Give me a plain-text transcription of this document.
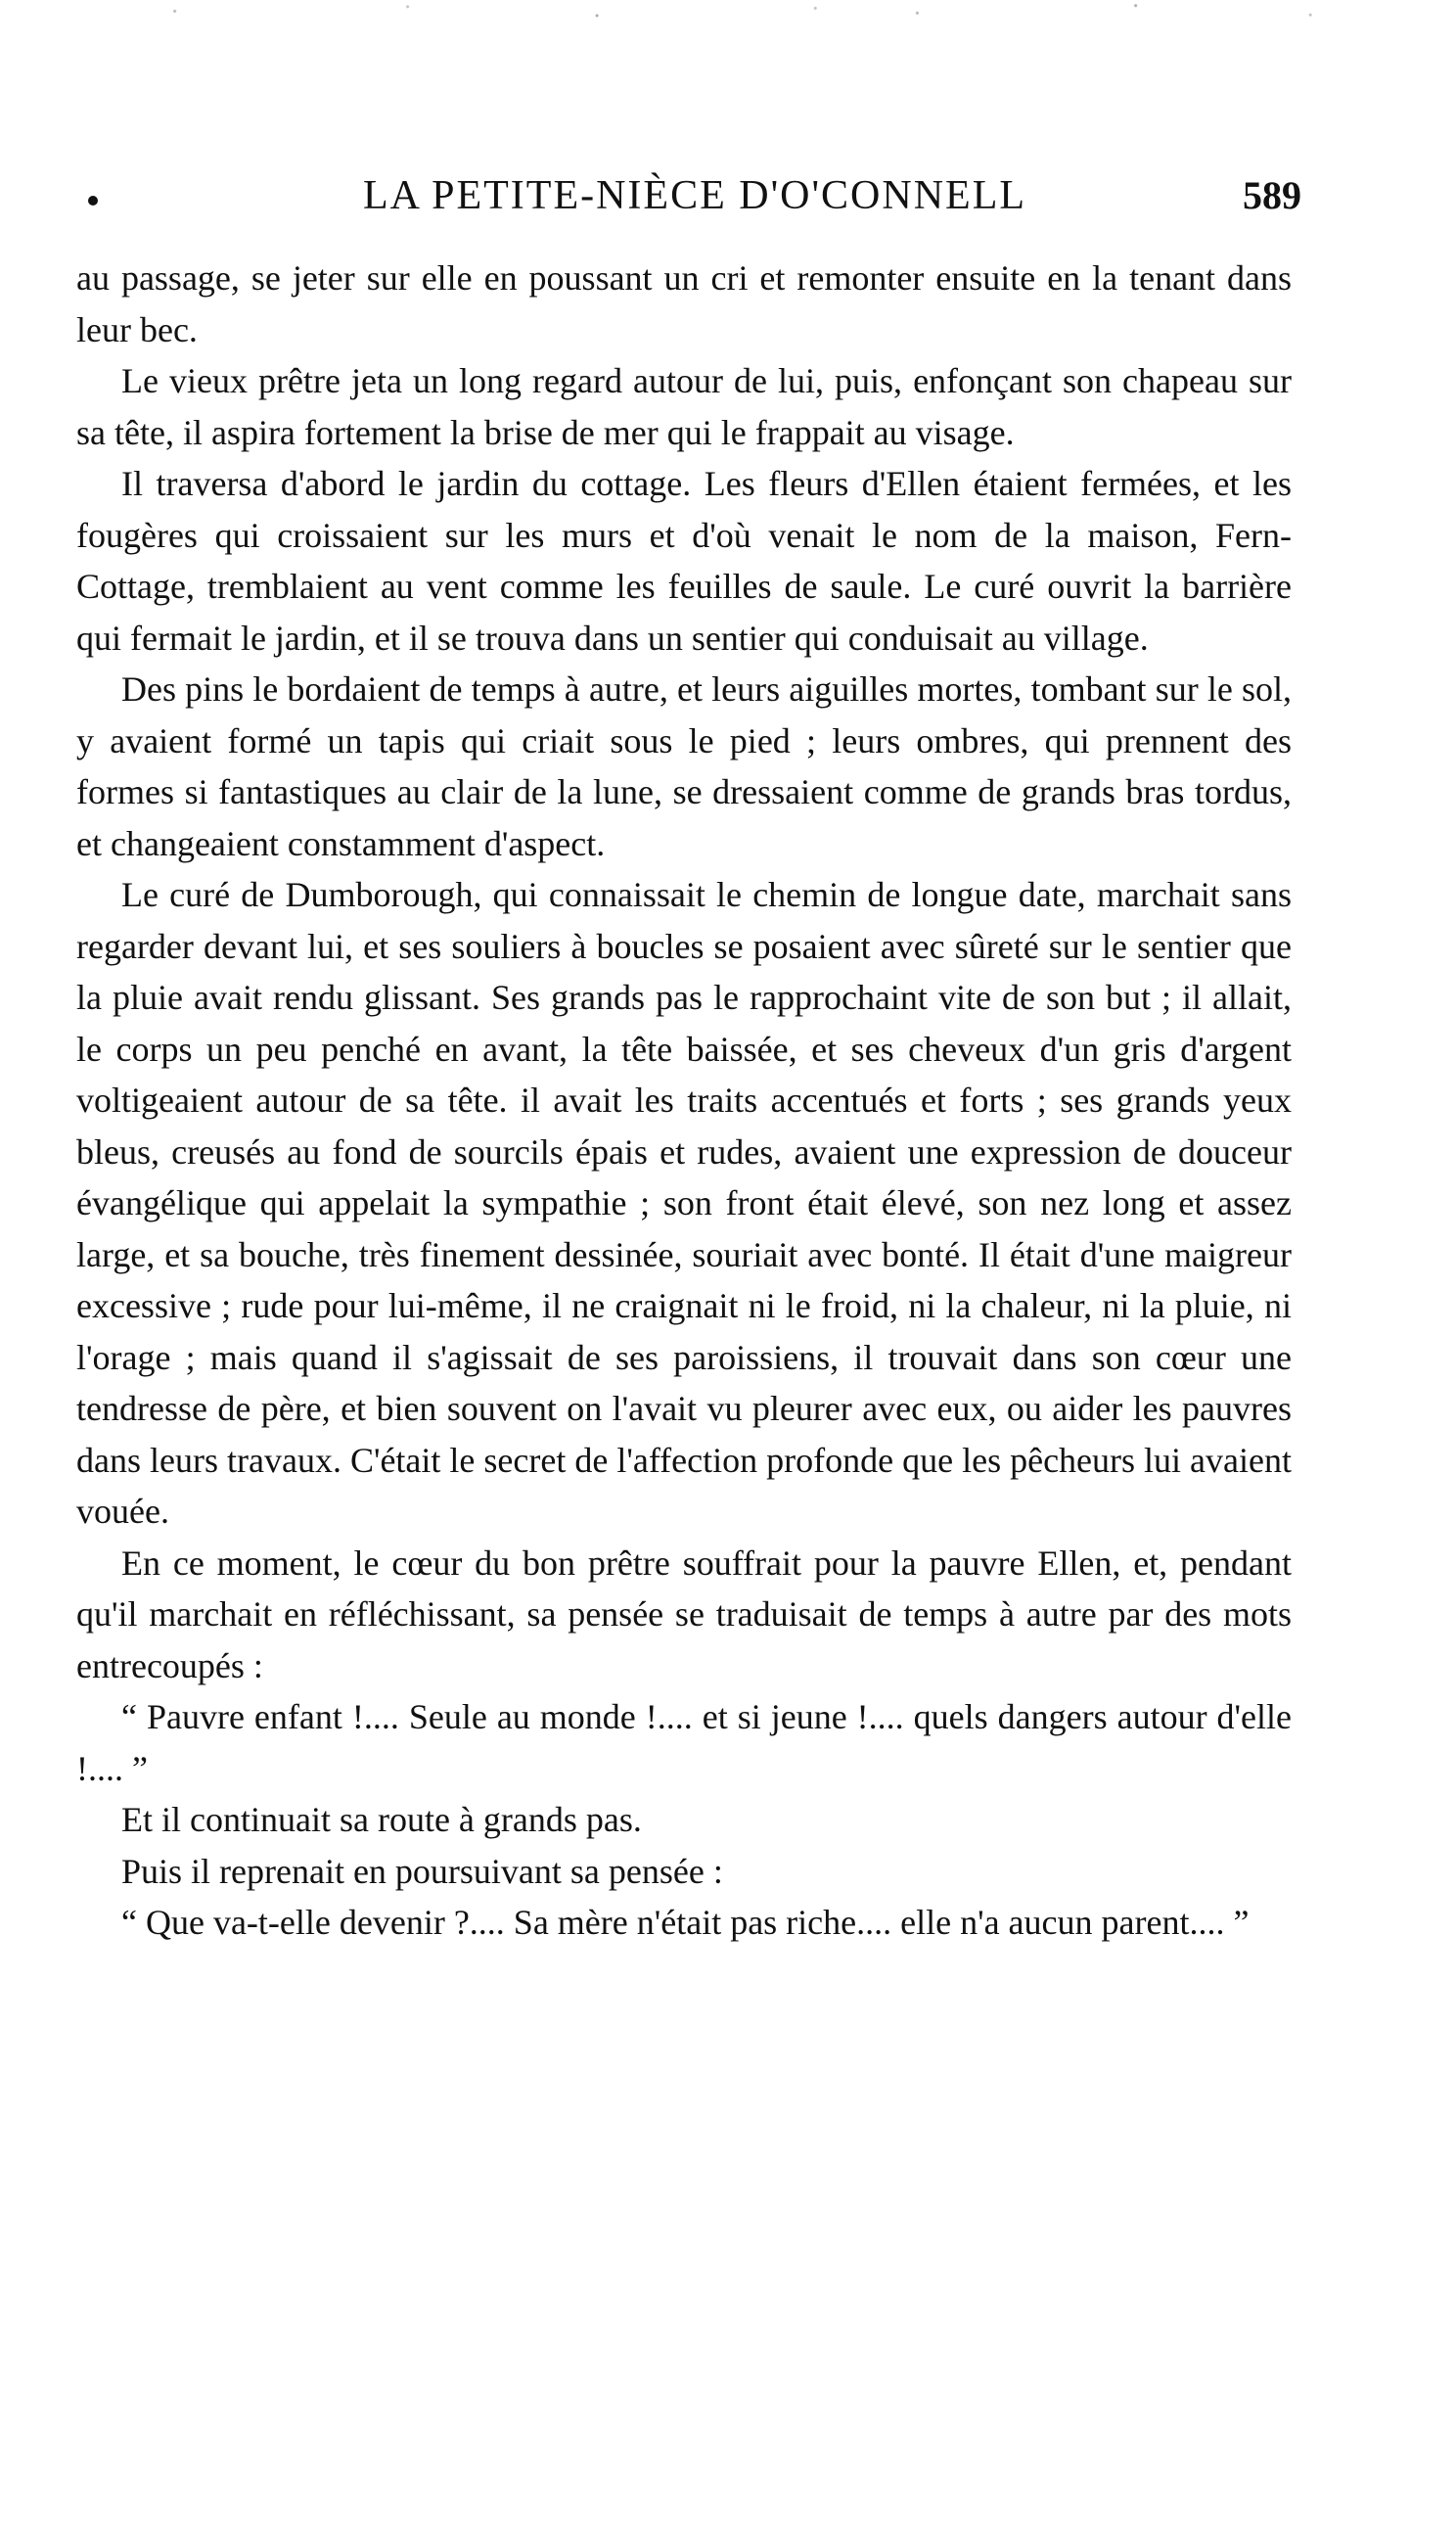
LA PETITE-NIÈCE D'O'CONNELL	589

au passage, se jeter sur elle en poussant un cri et remonter ensuite en la tenant dans leur bec.

Le vieux prêtre jeta un long regard autour de lui, puis, enfonçant son chapeau sur sa tête, il aspira fortement la brise de mer qui le frappait au visage.

Il traversa d'abord le jardin du cottage. Les fleurs d'Ellen étaient fermées, et les fougères qui croissaient sur les murs et d'où venait le nom de la maison, Fern-Cottage, tremblaient au vent comme les feuilles de saule. Le curé ouvrit la barrière qui fermait le jardin, et il se trouva dans un sentier qui conduisait au village.

Des pins le bordaient de temps à autre, et leurs aiguilles mortes, tombant sur le sol, y avaient formé un tapis qui criait sous le pied ; leurs ombres, qui prennent des formes si fantastiques au clair de la lune, se dressaient comme de grands bras tordus, et changeaient constamment d'aspect.

Le curé de Dumborough, qui connaissait le chemin de longue date, marchait sans regarder devant lui, et ses souliers à boucles se posaient avec sûreté sur le sentier que la pluie avait rendu glissant. Ses grands pas le rapprochaint vite de son but ; il allait, le corps un peu penché en avant, la tête baissée, et ses cheveux d'un gris d'argent voltigeaient autour de sa tête. il avait les traits accentués et forts ; ses grands yeux bleus, creusés au fond de sourcils épais et rudes, avaient une expression de douceur évangélique qui appelait la sympathie ; son front était élevé, son nez long et assez large, et sa bouche, très finement dessinée, souriait avec bonté. Il était d'une maigreur excessive ; rude pour lui-même, il ne craignait ni le froid, ni la chaleur, ni la pluie, ni l'orage ; mais quand il s'agissait de ses paroissiens, il trouvait dans son cœur une tendresse de père, et bien souvent on l'avait vu pleurer avec eux, ou aider les pauvres dans leurs travaux. C'était le secret de l'affection profonde que les pêcheurs lui avaient vouée.

En ce moment, le cœur du bon prêtre souffrait pour la pauvre Ellen, et, pendant qu'il marchait en réfléchissant, sa pensée se traduisait de temps à autre par des mots entrecoupés :

“ Pauvre enfant !.... Seule au monde !.... et si jeune !.... quels dangers autour d'elle !.... ”

Et il continuait sa route à grands pas.

Puis il reprenait en poursuivant sa pensée :

“ Que va-t-elle devenir ?.... Sa mère n'était pas riche.... elle n'a aucun parent.... ”
